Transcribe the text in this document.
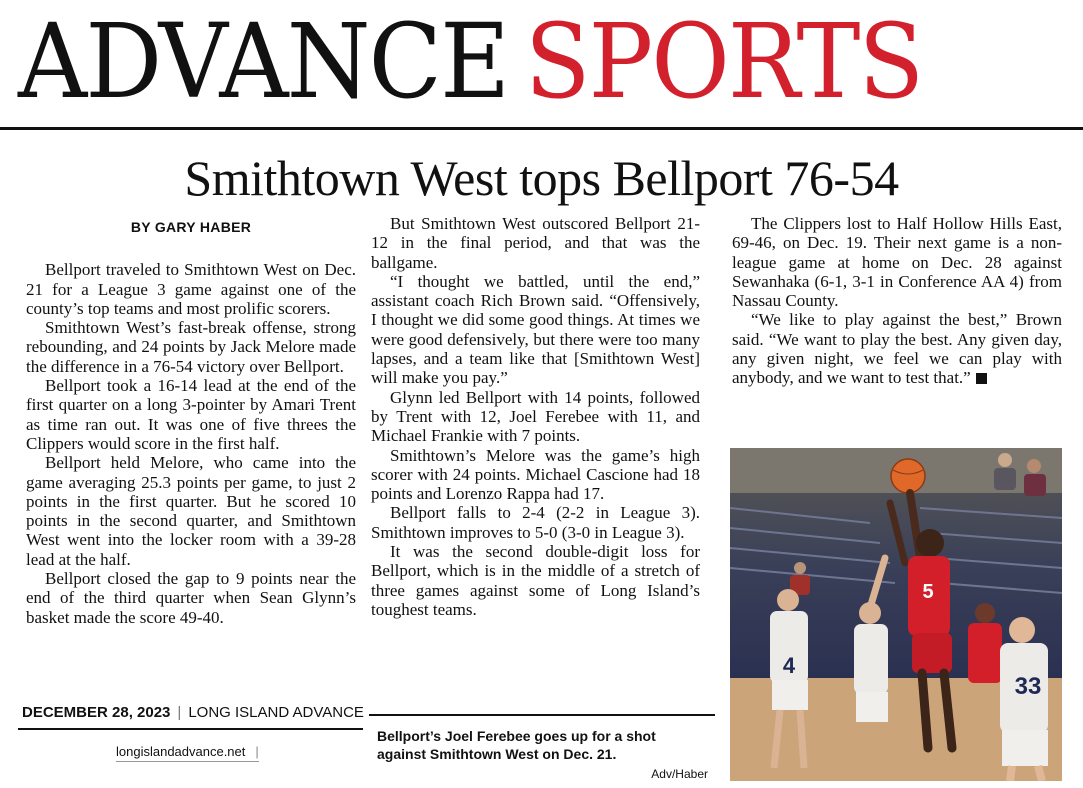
ADVANCE SPORTS
Smithtown West tops Bellport 76-54

BY GARY HABER

Bellport traveled to Smithtown West on Dec. 21 for a League 3 game against one of the county’s top teams and most prolific scorers.

Smithtown West’s fast-break offense, strong rebounding, and 24 points by Jack Melore made the difference in a 76-54 victory over Bellport.

Bellport took a 16-14 lead at the end of the first quarter on a long 3-pointer by Amari Trent as time ran out. It was one of five threes the Clippers would score in the first half.

Bellport held Melore, who came into the game averaging 25.3 points per game, to just 2 points in the first quarter. But he scored 10 points in the second quarter, and Smithtown West went into the locker room with a 39-28 lead at the half.

Bellport closed the gap to 9 points near the end of the third quarter when Sean Glynn’s basket made the score 49-40.

But Smithtown West outscored Bellport 21-12 in the final period, and that was the ballgame.

“I thought we battled, until the end,” assistant coach Rich Brown said. “Offensively, I thought we did some good things. At times we were good defensively, but there were too many lapses, and a team like that [Smithtown West] will make you pay.”

Glynn led Bellport with 14 points, followed by Trent with 12, Joel Ferebee with 11, and Michael Frankie with 7 points.

Smithtown’s Melore was the game’s high scorer with 24 points. Michael Cascione had 18 points and Lorenzo Rappa had 17.

Bellport falls to 2-4 (2-2 in League 3). Smithtown improves to 5-0 (3-0 in League 3).

It was the second double-digit loss for Bellport, which is in the middle of a stretch of three games against some of Long Island’s toughest teams.

The Clippers lost to Half Hollow Hills East, 69-46, on Dec. 19. Their next game is a non-league game at home on Dec. 28 against Sewanhaka (6-1, 3-1 in Conference AA 4) from Nassau County.

“We like to play against the best,” Brown said. “We want to play the best. Any given day, any given night, we feel we can play with anybody, and we want to test that.”

DECEMBER 28, 2023 | LONG ISLAND ADVANCE
longislandadvance.net |
Bellport’s Joel Ferebee goes up for a shot against Smithtown West on Dec. 21.
Adv/Haber
5
4
33
